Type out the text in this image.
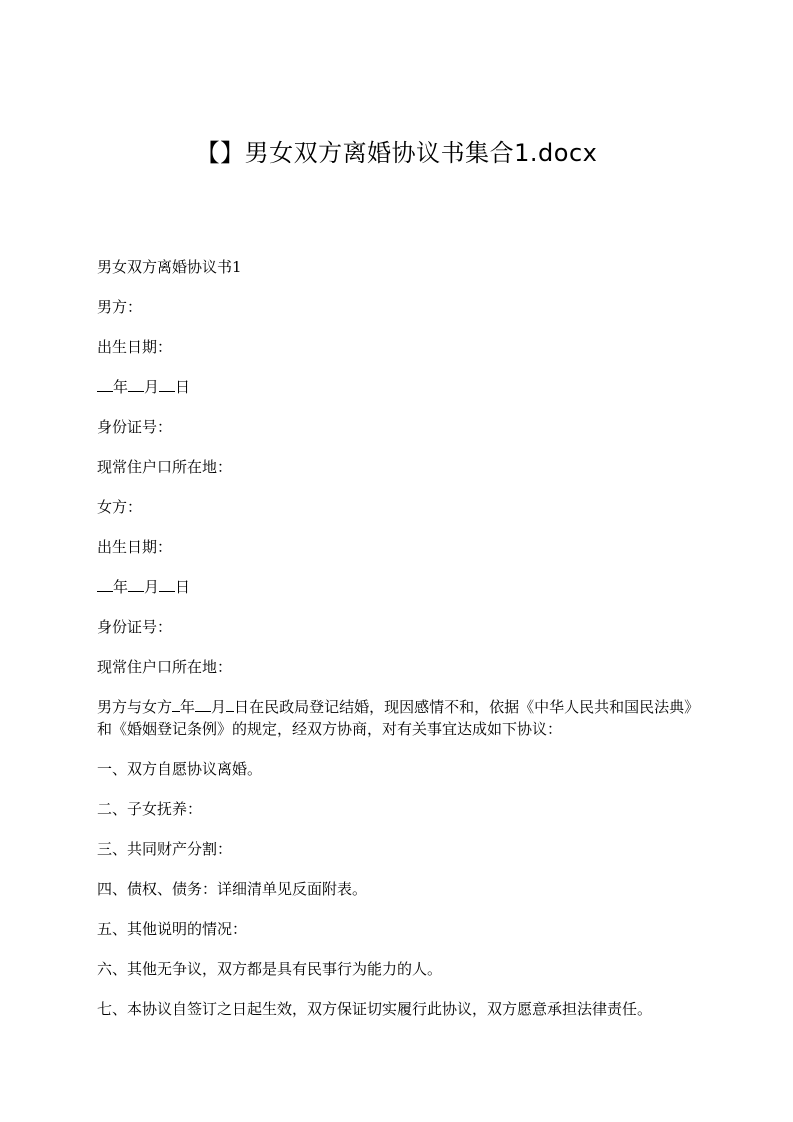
【】男女双方离婚协议书集合1.docx

男女双方离婚协议书1

男方：

出生日期：

年 月 日

身份证号：

现常住户口所在地：

女方：

出生日期：

年 月 日

身份证号：

现常住户口所在地：

男方与女方 年 月 日在民政局登记结婚，现因感情不和，依据《中华人民共和国民法典》和《婚姻登记条例》的规定，经双方协商，对有关事宜达成如下协议：

一、双方自愿协议离婚。

二、子女抚养：

三、共同财产分割：

四、债权、债务：详细清单见反面附表。

五、其他说明的情况：

六、其他无争议，双方都是具有民事行为能力的人。

七、本协议自签订之日起生效，双方保证切实履行此协议，双方愿意承担法律责任。
